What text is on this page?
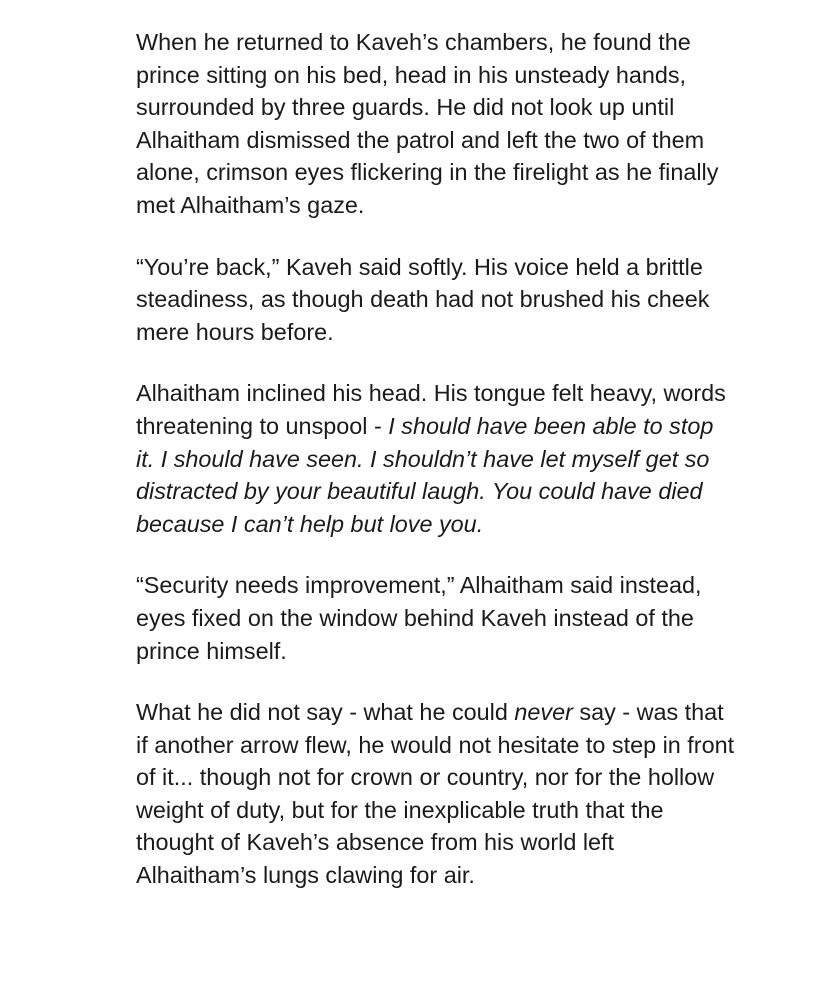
When he returned to Kaveh’s chambers, he found the prince sitting on his bed, head in his unsteady hands, surrounded by three guards. He did not look up until Alhaitham dismissed the patrol and left the two of them alone, crimson eyes flickering in the firelight as he finally met Alhaitham’s gaze.

“You’re back,” Kaveh said softly. His voice held a brittle steadiness, as though death had not brushed his cheek mere hours before.

Alhaitham inclined his head. His tongue felt heavy, words threatening to unspool - I should have been able to stop it. I should have seen. I shouldn’t have let myself get so distracted by your beautiful laugh. You could have died because I can’t help but love you.

“Security needs improvement,” Alhaitham said instead, eyes fixed on the window behind Kaveh instead of the prince himself.

What he did not say - what he could never say - was that if another arrow flew, he would not hesitate to step in front of it... though not for crown or country, nor for the hollow weight of duty, but for the inexplicable truth that the thought of Kaveh’s absence from his world left Alhaitham’s lungs clawing for air.
